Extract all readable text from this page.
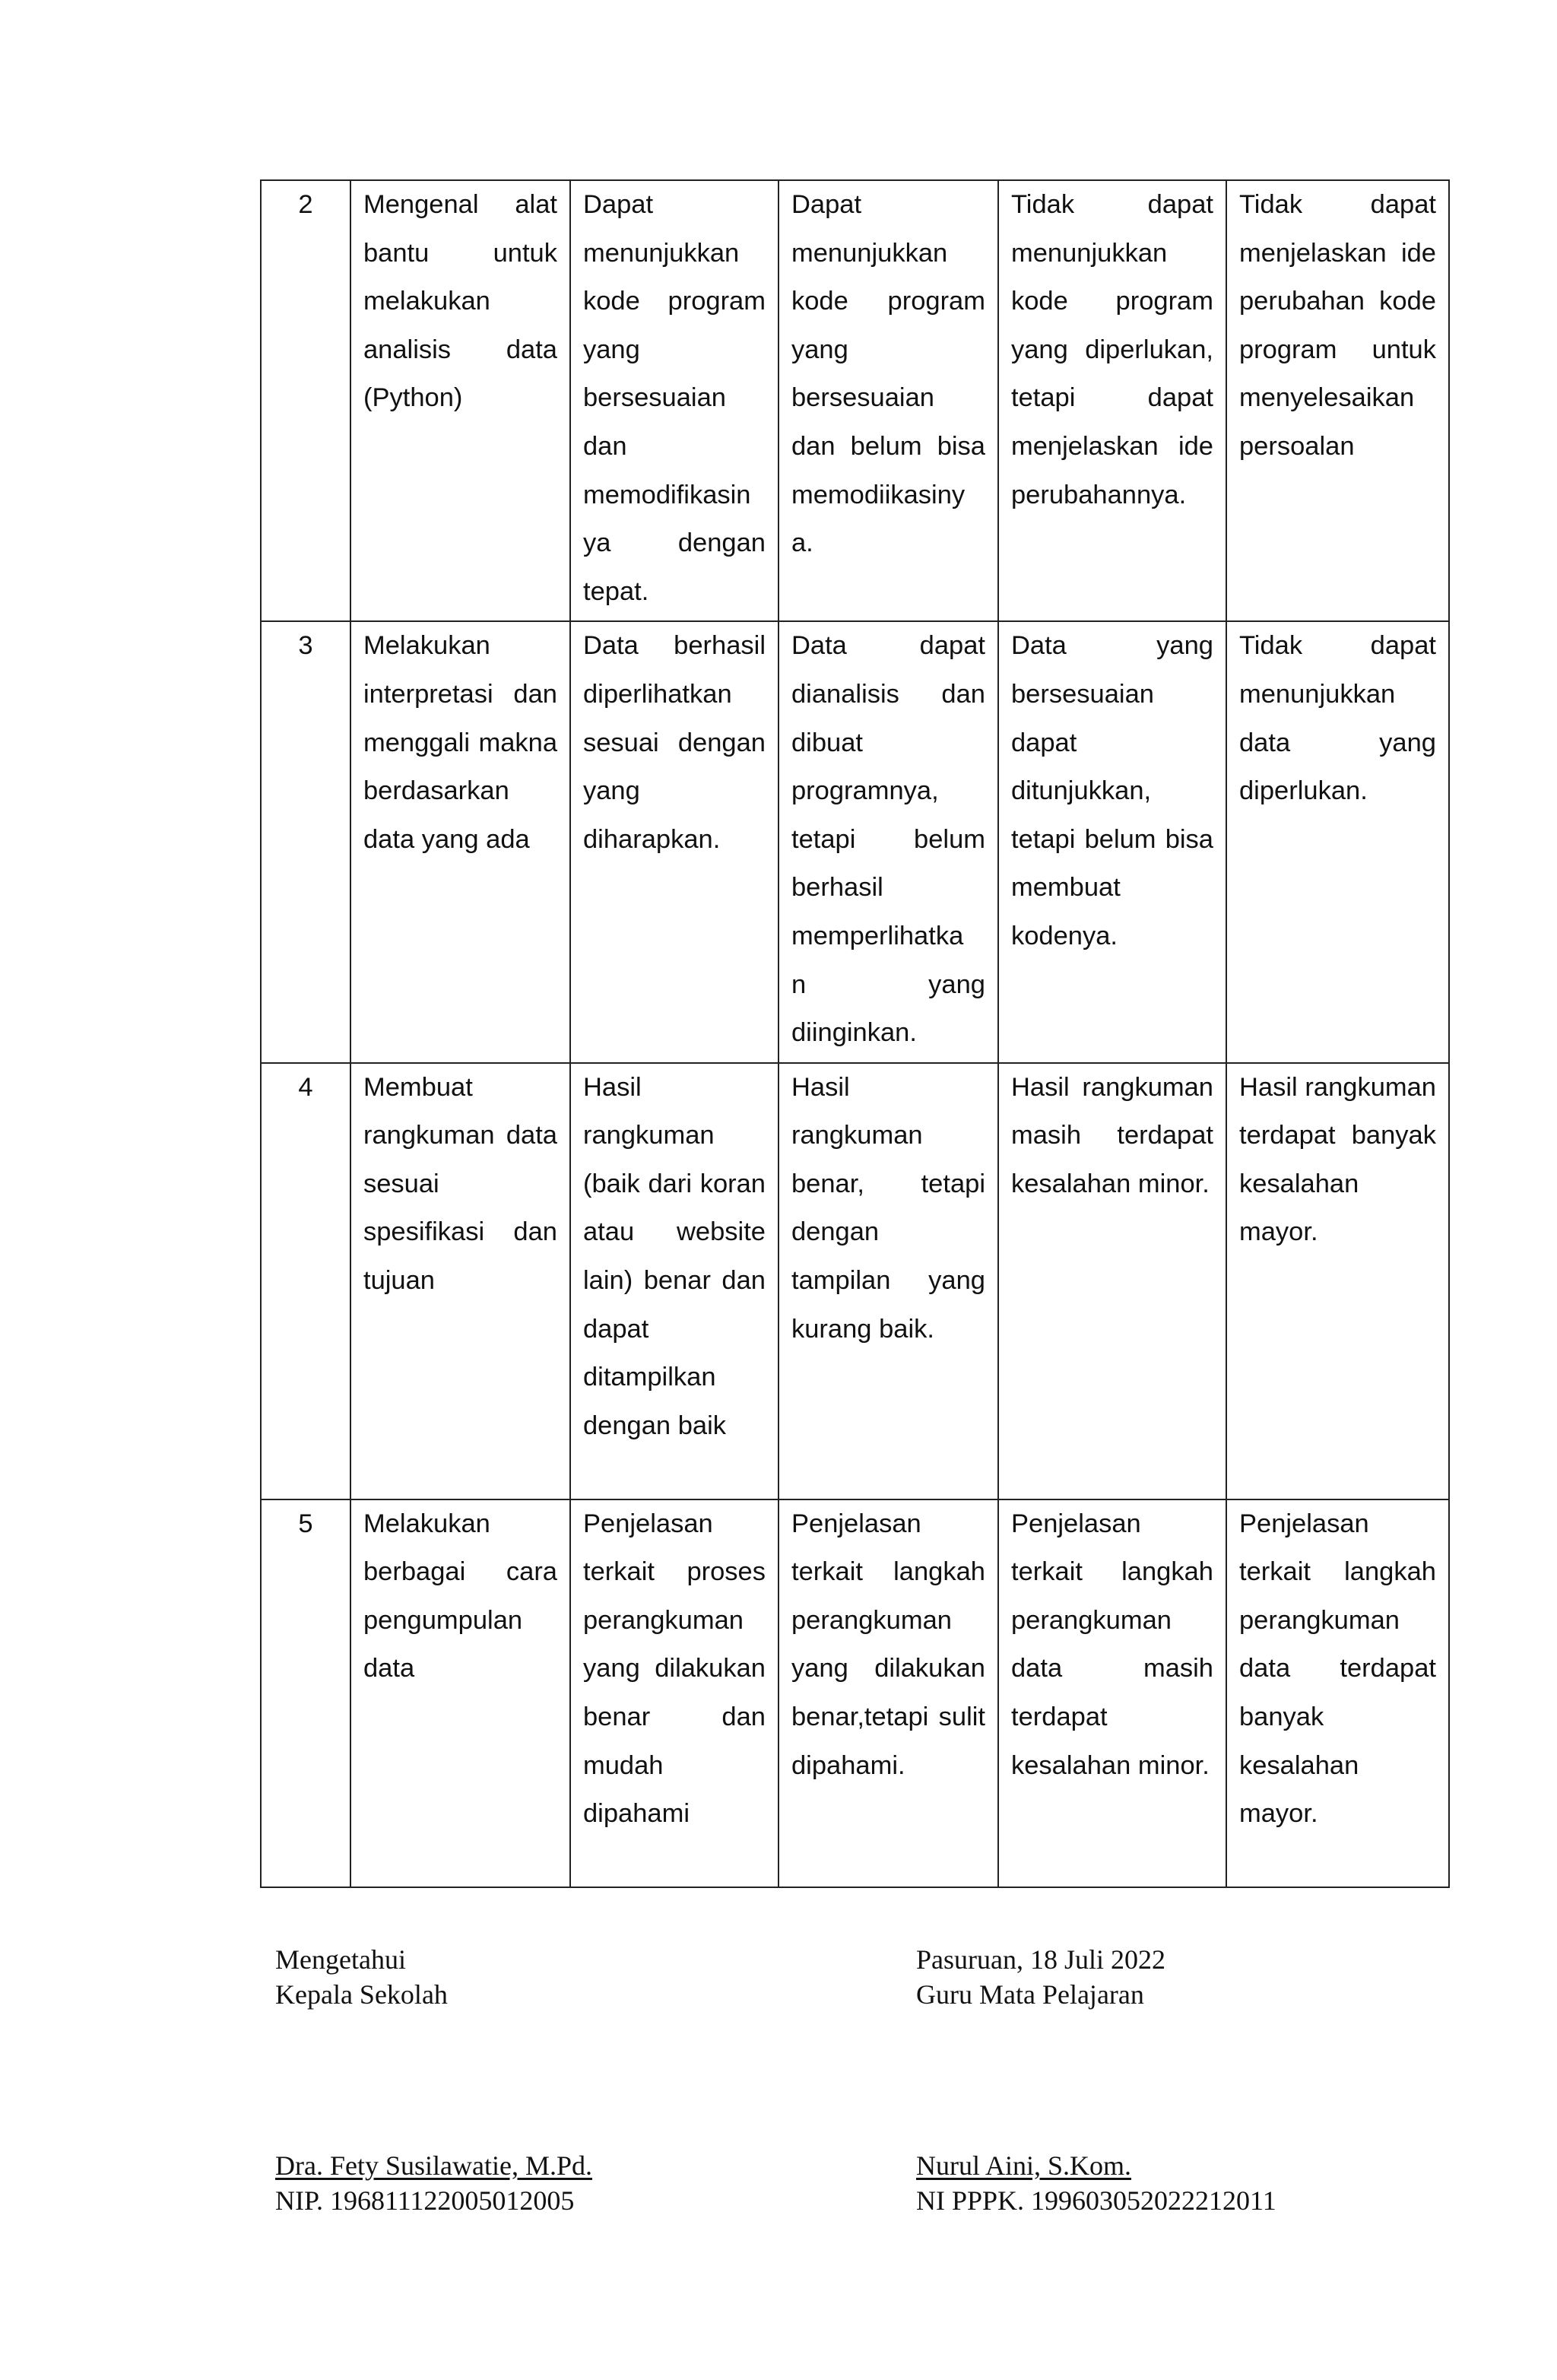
2	Mengenal alat bantu untuk melakukan analisis data (Python)	Dapat menunjukkan kode program yang bersesuaian dan memodifikasin ya dengan tepat.	Dapat menunjukkan kode program yang bersesuaian dan belum bisa memodiikasiny a.	Tidak dapat menunjukkan kode program yang diperlukan, tetapi dapat menjelaskan ide perubahannya.	Tidak dapat menjelaskan ide perubahan kode program untuk menyelesaikan persoalan
3	Melakukan interpretasi dan menggali makna berdasarkan data yang ada	Data berhasil diperlihatkan sesuai dengan yang diharapkan.	Data dapat dianalisis dan dibuat programnya, tetapi belum berhasil memperlihatka n yang diinginkan.	Data yang bersesuaian dapat ditunjukkan, tetapi belum bisa membuat kodenya.	Tidak dapat menunjukkan data yang diperlukan.
4	Membuat rangkuman data sesuai spesifikasi dan tujuan	Hasil rangkuman (baik dari koran atau website lain) benar dan dapat ditampilkan dengan baik	Hasil rangkuman benar, tetapi dengan tampilan yang kurang baik.	Hasil rangkuman masih terdapat kesalahan minor.	Hasil rangkuman terdapat banyak kesalahan mayor.
5	Melakukan berbagai cara pengumpulan data	Penjelasan terkait proses perangkuman yang dilakukan benar dan mudah dipahami	Penjelasan terkait langkah perangkuman yang dilakukan benar,tetapi sulit dipahami.	Penjelasan terkait langkah perangkuman data masih terdapat kesalahan minor.	Penjelasan terkait langkah perangkuman data terdapat banyak kesalahan mayor.
Mengetahui
Kepala Sekolah
Dra. Fety Susilawatie, M.Pd.
NIP. 196811122005012005
Pasuruan, 18 Juli 2022
Guru Mata Pelajaran
Nurul Aini, S.Kom.
NI PPPK. 199603052022212011
